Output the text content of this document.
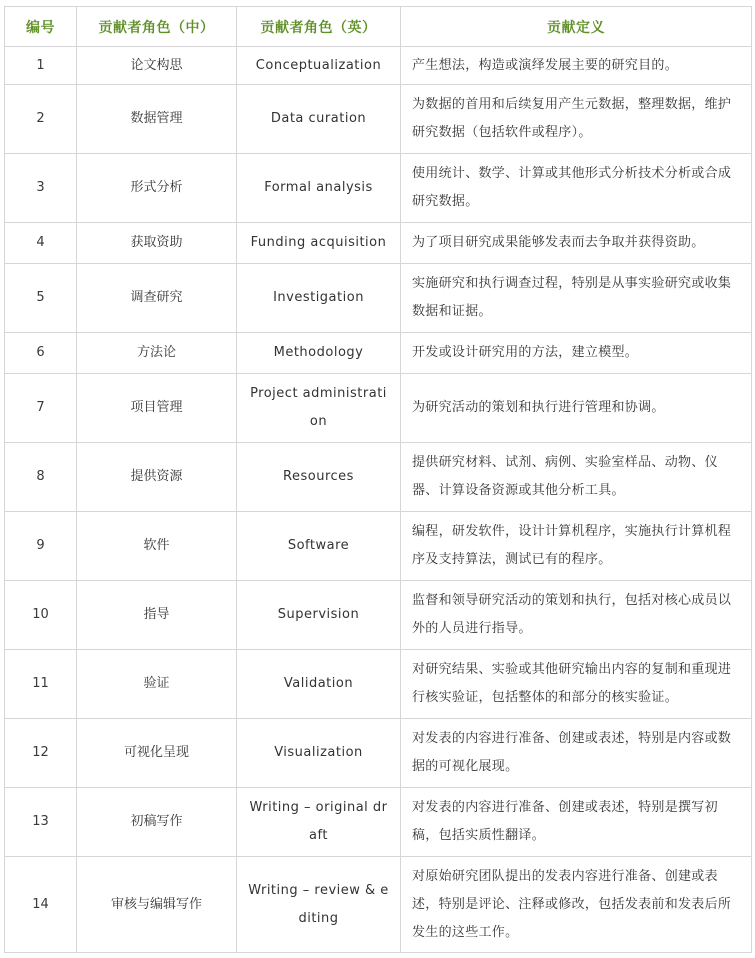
编号	贡献者角色（中）	贡献者角色（英）	贡献定义
1	论文构思	Conceptualization	产生想法，构造或演绎发展主要的研究目的。
2	数据管理	Data curation	为数据的首用和后续复用产生元数据，整理数据，维护研究数据（包括软件或程序）。
3	形式分析	Formal analysis	使用统计、数学、计算或其他形式分析技术分析或合成研究数据。
4	获取资助	Funding acquisition	为了项目研究成果能够发表而去争取并获得资助。
5	调查研究	Investigation	实施研究和执行调查过程，特别是从事实验研究或收集数据和证据。
6	方法论	Methodology	开发或设计研究用的方法，建立模型。
7	项目管理	Project administration	为研究活动的策划和执行进行管理和协调。
8	提供资源	Resources	提供研究材料、试剂、病例、实验室样品、动物、仪器、计算设备资源或其他分析工具。
9	软件	Software	编程，研发软件，设计计算机程序，实施执行计算机程序及支持算法，测试已有的程序。
10	指导	Supervision	监督和领导研究活动的策划和执行，包括对核心成员以外的人员进行指导。
11	验证	Validation	对研究结果、实验或其他研究输出内容的复制和重现进行核实验证，包括整体的和部分的核实验证。
12	可视化呈现	Visualization	对发表的内容进行准备、创建或表述，特别是内容或数据的可视化展现。
13	初稿写作	Writing – original draft	对发表的内容进行准备、创建或表述，特别是撰写初稿，包括实质性翻译。
14	审核与编辑写作	Writing – review & editing	对原始研究团队提出的发表内容进行准备、创建或表述，特别是评论、注释或修改，包括发表前和发表后所发生的这些工作。
